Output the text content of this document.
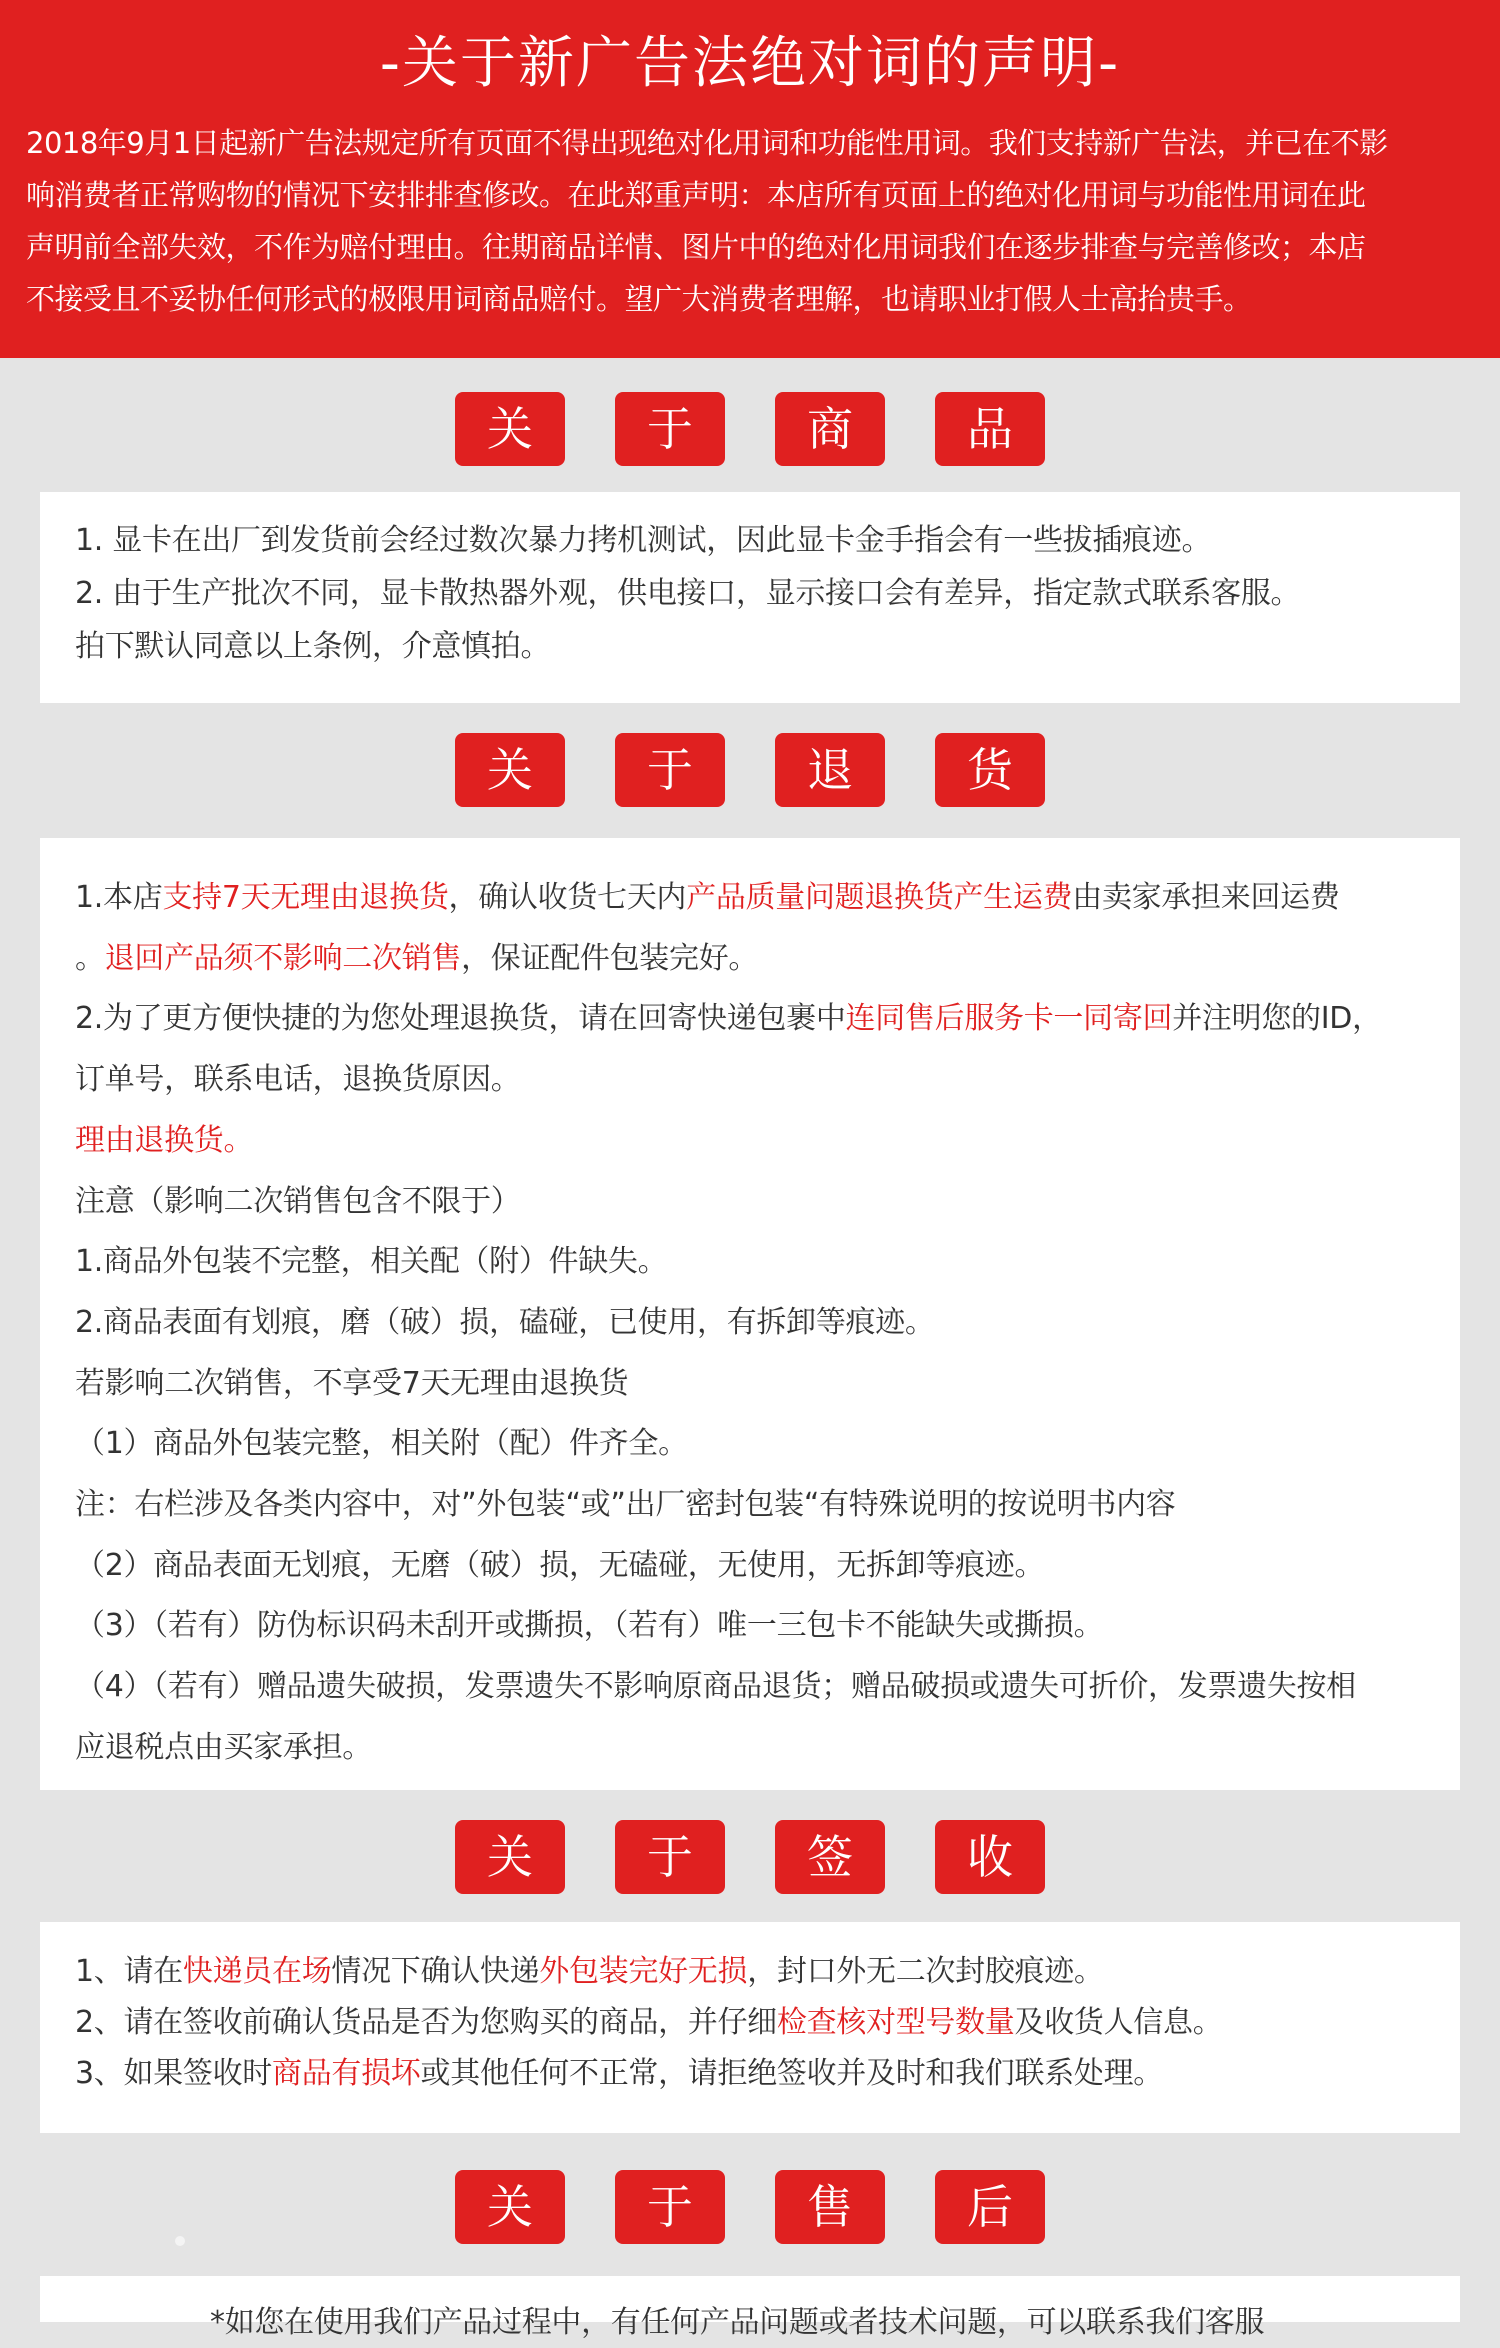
-关于新广告法绝对词的声明-
2018年9月1日起新广告法规定所有页面不得出现绝对化用词和功能性用词。我们支持新广告法，并已在不影
响消费者正常购物的情况下安排排查修改。在此郑重声明：本店所有页面上的绝对化用词与功能性用词在此
声明前全部失效，不作为赔付理由。往期商品详情、图片中的绝对化用词我们在逐步排查与完善修改；本店
不接受且不妥协任何形式的极限用词商品赔付。望广大消费者理解，也请职业打假人士高抬贵手。
关	于	商	品
1. 显卡在出厂到发货前会经过数次暴力拷机测试，因此显卡金手指会有一些拔插痕迹。
2. 由于生产批次不同，显卡散热器外观，供电接口，显示接口会有差异，指定款式联系客服。
拍下默认同意以上条例，介意慎拍。
关	于	退	货
1.本店支持7天无理由退换货，确认收货七天内产品质量问题退换货产生运费由卖家承担来回运费
。退回产品须不影响二次销售，保证配件包装完好。
2.为了更方便快捷的为您处理退换货，请在回寄快递包裹中连同售后服务卡一同寄回并注明您的ID，
订单号，联系电话，退换货原因。
理由退换货。
注意（影响二次销售包含不限于）
1.商品外包装不完整，相关配（附）件缺失。
2.商品表面有划痕，磨（破）损，磕碰，已使用，有拆卸等痕迹。
若影响二次销售，不享受7天无理由退换货
（1）商品外包装完整，相关附（配）件齐全。
注：右栏涉及各类内容中，对”外包装“或”出厂密封包装“有特殊说明的按说明书内容
（2）商品表面无划痕，无磨（破）损，无磕碰，无使用，无拆卸等痕迹。
（3）（若有）防伪标识码未刮开或撕损，（若有）唯一三包卡不能缺失或撕损。
（4）（若有）赠品遗失破损，发票遗失不影响原商品退货；赠品破损或遗失可折价，发票遗失按相
应退税点由买家承担。
关	于	签	收
1、请在快递员在场情况下确认快递外包装完好无损，封口外无二次封胶痕迹。
2、请在签收前确认货品是否为您购买的商品，并仔细检查核对型号数量及收货人信息。
3、如果签收时商品有损坏或其他任何不正常，请拒绝签收并及时和我们联系处理。
关	于	售	后
*如您在使用我们产品过程中，有任何产品问题或者技术问题，可以联系我们客服
